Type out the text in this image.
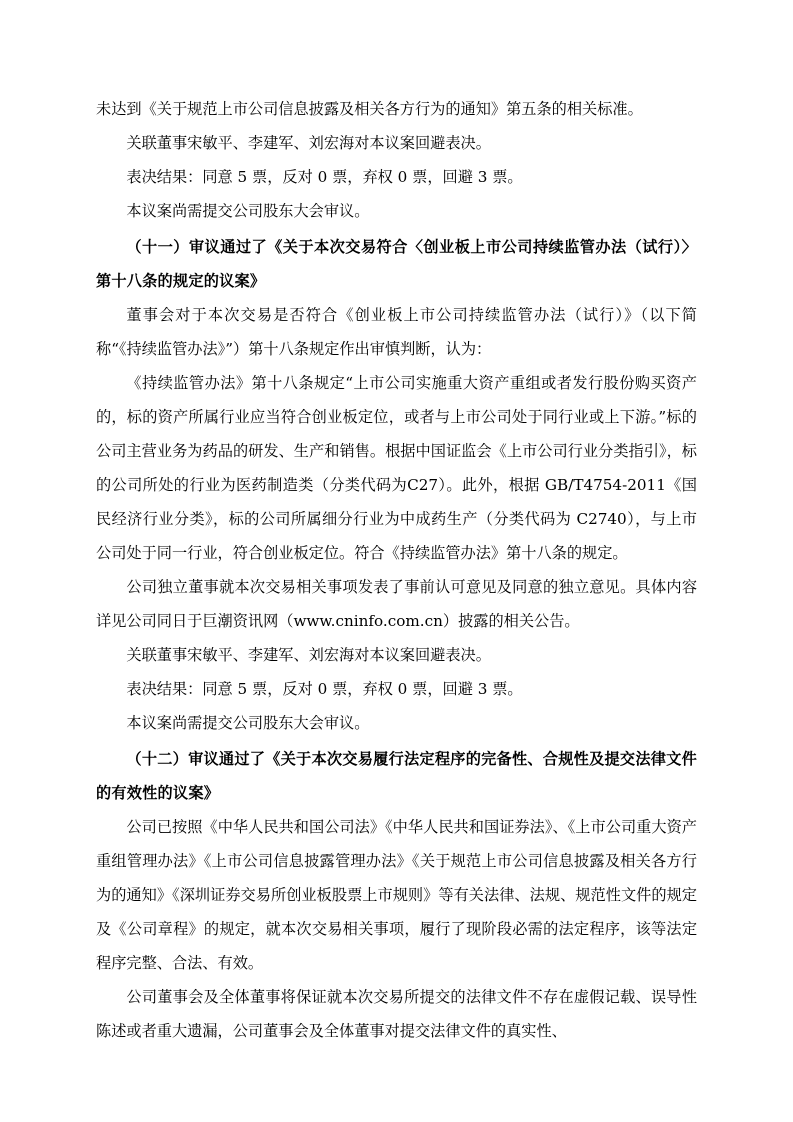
未达到《关于规范上市公司信息披露及相关各方行为的通知》第五条的相关标准。

关联董事宋敏平、李建军、刘宏海对本议案回避表决。

表决结果：同意 5 票，反对 0 票，弃权 0 票，回避 3 票。

本议案尚需提交公司股东大会审议。

（十一）审议通过了《关于本次交易符合〈创业板上市公司持续监管办法（试行）〉第十八条的规定的议案》

董事会对于本次交易是否符合《创业板上市公司持续监管办法（试行）》（以下简称“《持续监管办法》”）第十八条规定作出审慎判断，认为：

《持续监管办法》第十八条规定“上市公司实施重大资产重组或者发行股份购买资产的，标的资产所属行业应当符合创业板定位，或者与上市公司处于同行业或上下游。”标的公司主营业务为药品的研发、生产和销售。根据中国证监会《上市公司行业分类指引》，标的公司所处的行业为医药制造类（分类代码为C27）。此外，根据 GB/T4754-2011《国民经济行业分类》，标的公司所属细分行业为中成药生产（分类代码为 C2740），与上市公司处于同一行业，符合创业板定位。符合《持续监管办法》第十八条的规定。

公司独立董事就本次交易相关事项发表了事前认可意见及同意的独立意见。具体内容详见公司同日于巨潮资讯网（www.cninfo.com.cn）披露的相关公告。

关联董事宋敏平、李建军、刘宏海对本议案回避表决。

表决结果：同意 5 票，反对 0 票，弃权 0 票，回避 3 票。

本议案尚需提交公司股东大会审议。

（十二）审议通过了《关于本次交易履行法定程序的完备性、合规性及提交法律文件的有效性的议案》

公司已按照《中华人民共和国公司法》《中华人民共和国证券法》、《上市公司重大资产重组管理办法》《上市公司信息披露管理办法》《关于规范上市公司信息披露及相关各方行为的通知》《深圳证券交易所创业板股票上市规则》等有关法律、法规、规范性文件的规定及《公司章程》的规定，就本次交易相关事项，履行了现阶段必需的法定程序，该等法定程序完整、合法、有效。

公司董事会及全体董事将保证就本次交易所提交的法律文件不存在虚假记载、误导性陈述或者重大遗漏，公司董事会及全体董事对提交法律文件的真实性、
